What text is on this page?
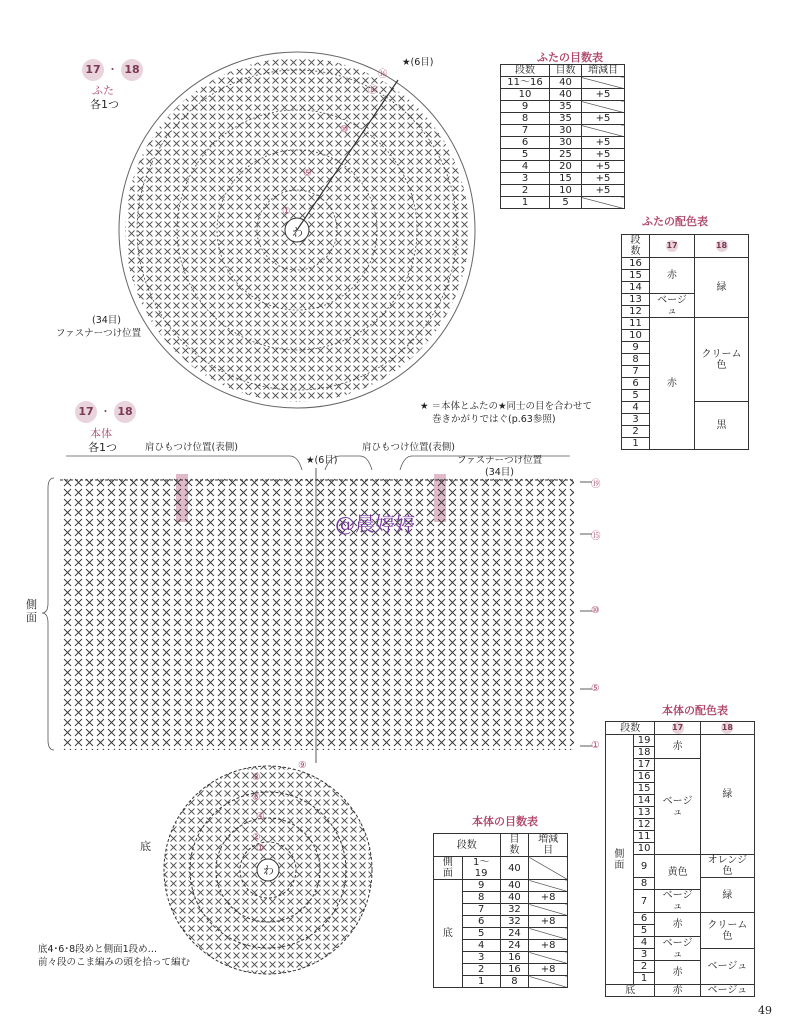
17 ・ 18
ふた
各1つ
わ
①
⑤
⑩
⑮
⑯
★(6目)
(34目)
ファスナーつけ位置
★ ＝本体とふたの★同士の目を合わせて
巻きかがりではぐ(p.63参照)
ふたの目数表
段数	目数	増減目
11〜16	40	
10	40	+5
9	35	
8	35	+5
7	30	
6	30	+5
5	25	+5
4	20	+5
3	15	+5
2	10	+5
1	5	
ふたの配色表
段数	17	18
16	赤	緑
15		
14		
13	ベージュ	
12		
11	赤	クリーム色
10		
9		
8		
7		
6		
5		
4		黒
3		
2		
1		
17 ・ 18
本体
各1つ	肩ひもつけ位置(表側)	肩ひもつけ位置(表側)
★(6目)	ファスナーつけ位置
(34目)
側面
⑲
⑮
⑩
⑤
①
@晨婷婷
わ
⑨
⑧
⑥
④
②
①
底
底4･6･8段めと側面1段め…
前々段のこま編みの頭を拾って編む
本体の目数表
段数		目数	増減目
側面	1〜19	40	
底	9	40	
	8	40	+8
	7	32	
	6	32	+8
	5	24	
	4	24	+8
	3	16	
	2	16	+8
	1	8	
本体の配色表
段数		17	18
側面	19	赤	緑
	18		
	17	ベージュ	
	16		
	15		
	14		
	13		
	12		
	11		
	10		
	9	黄色	オレンジ色
	8		緑
	7	ベージュ	
	6	赤	クリーム色
	5		
	4	ベージュ	
	3		ベージュ
	2	赤	
	1		
底		赤	ベージュ
49
